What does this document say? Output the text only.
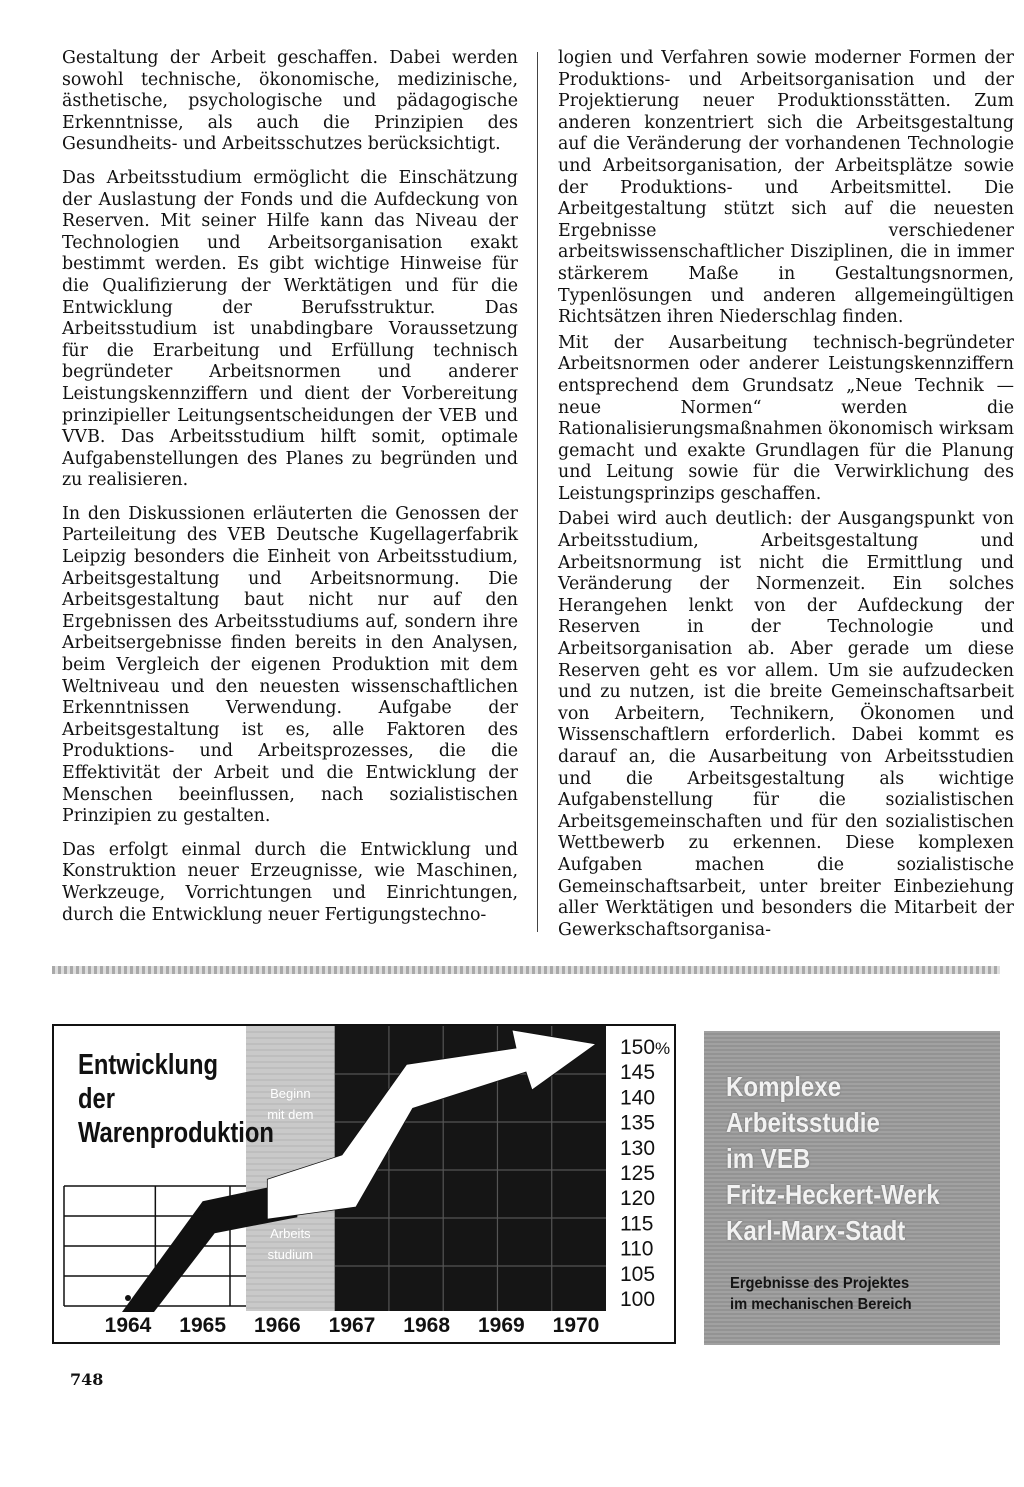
Gestaltung der Arbeit geschaffen. Dabei werden sowohl technische, ökonomische, medizinische, ästhetische, psychologische und pädagogische Erkenntnisse, als auch die Prinzipien des Gesundheits- und Arbeitsschutzes berücksichtigt.

Das Arbeitsstudium ermöglicht die Einschätzung der Auslastung der Fonds und die Aufdeckung von Reserven. Mit seiner Hilfe kann das Niveau der Technologien und Arbeitsorganisation exakt bestimmt werden. Es gibt wichtige Hinweise für die Qualifizierung der Werktätigen und für die Entwicklung der Berufsstruktur. Das Arbeitsstudium ist unabdingbare Voraussetzung für die Erarbeitung und Erfüllung technisch begründeter Arbeitsnormen und anderer Leistungskennziffern und dient der Vorbereitung prinzipieller Leitungsentscheidungen der VEB und VVB. Das Arbeitsstudium hilft somit, optimale Aufgabenstellungen des Planes zu begründen und zu realisieren.

In den Diskussionen erläuterten die Genossen der Parteileitung des VEB Deutsche Kugellagerfabrik Leipzig besonders die Einheit von Arbeitsstudium, Arbeitsgestaltung und Arbeitsnormung. Die Arbeitsgestaltung baut nicht nur auf den Ergebnissen des Arbeitsstudiums auf, sondern ihre Arbeitsergebnisse finden bereits in den Analysen, beim Vergleich der eigenen Produktion mit dem Weltniveau und den neuesten wissenschaftlichen Erkenntnissen Verwendung. Aufgabe der Arbeitsgestaltung ist es, alle Faktoren des Produktions- und Arbeitsprozesses, die die Effektivität der Arbeit und die Entwicklung der Menschen beeinflussen, nach sozialistischen Prinzipien zu gestalten.

Das erfolgt einmal durch die Entwicklung und Konstruktion neuer Erzeugnisse, wie Maschinen, Werkzeuge, Vorrichtungen und Einrichtungen, durch die Entwicklung neuer Fertigungstechno-

logien und Verfahren sowie moderner Formen der Produktions- und Arbeitsorganisation und der Projektierung neuer Produktionsstätten. Zum anderen konzentriert sich die Arbeitsgestaltung auf die Veränderung der vorhandenen Technologie und Arbeitsorganisation, der Arbeitsplätze sowie der Produktions- und Arbeitsmittel. Die Arbeitgestaltung stützt sich auf die neuesten Ergebnisse verschiedener arbeitswissenschaftlicher Disziplinen, die in immer stärkerem Maße in Gestaltungsnormen, Typenlösungen und anderen allgemeingültigen Richtsätzen ihren Niederschlag finden.

Mit der Ausarbeitung technisch-begründeter Arbeitsnormen oder anderer Leistungskennziffern entsprechend dem Grundsatz „Neue Technik — neue Normen“ werden die Rationalisierungsmaßnahmen ökonomisch wirksam gemacht und exakte Grundlagen für die Planung und Leitung sowie für die Verwirklichung des Leistungsprinzips geschaffen.

Dabei wird auch deutlich: der Ausgangspunkt von Arbeitsstudium, Arbeitsgestaltung und Arbeitsnormung ist nicht die Ermittlung und Veränderung der Normenzeit. Ein solches Herangehen lenkt von der Aufdeckung der Reserven in der Technologie und Arbeitsorganisation ab. Aber gerade um diese Reserven geht es vor allem. Um sie aufzudecken und zu nutzen, ist die breite Gemeinschaftsarbeit von Arbeitern, Technikern, Ökonomen und Wissenschaftlern erforderlich. Dabei kommt es darauf an, die Ausarbeitung von Arbeitsstudien und die Arbeitsgestaltung als wichtige Aufgabenstellung für die sozialistischen Arbeitsgemeinschaften und für den sozialistischen Wettbewerb zu erkennen. Diese komplexen Aufgaben machen die sozialistische Gemeinschaftsarbeit, unter breiter Einbeziehung aller Werktätigen und besonders die Mitarbeit der Gewerkschaftsorganisa-

Beginn
mit dem
Arbeits
studium
100
105
110
115
120
125
130
135
140
145
150%
1964 1965 1966 1967 1968 1969 1970
Entwicklung
der
Warenproduktion
Komplexe
Arbeitsstudie
im VEB
Fritz-Heckert-Werk
Karl-Marx-Stadt
Ergebnisse des Projektes
im mechanischen Bereich
748
